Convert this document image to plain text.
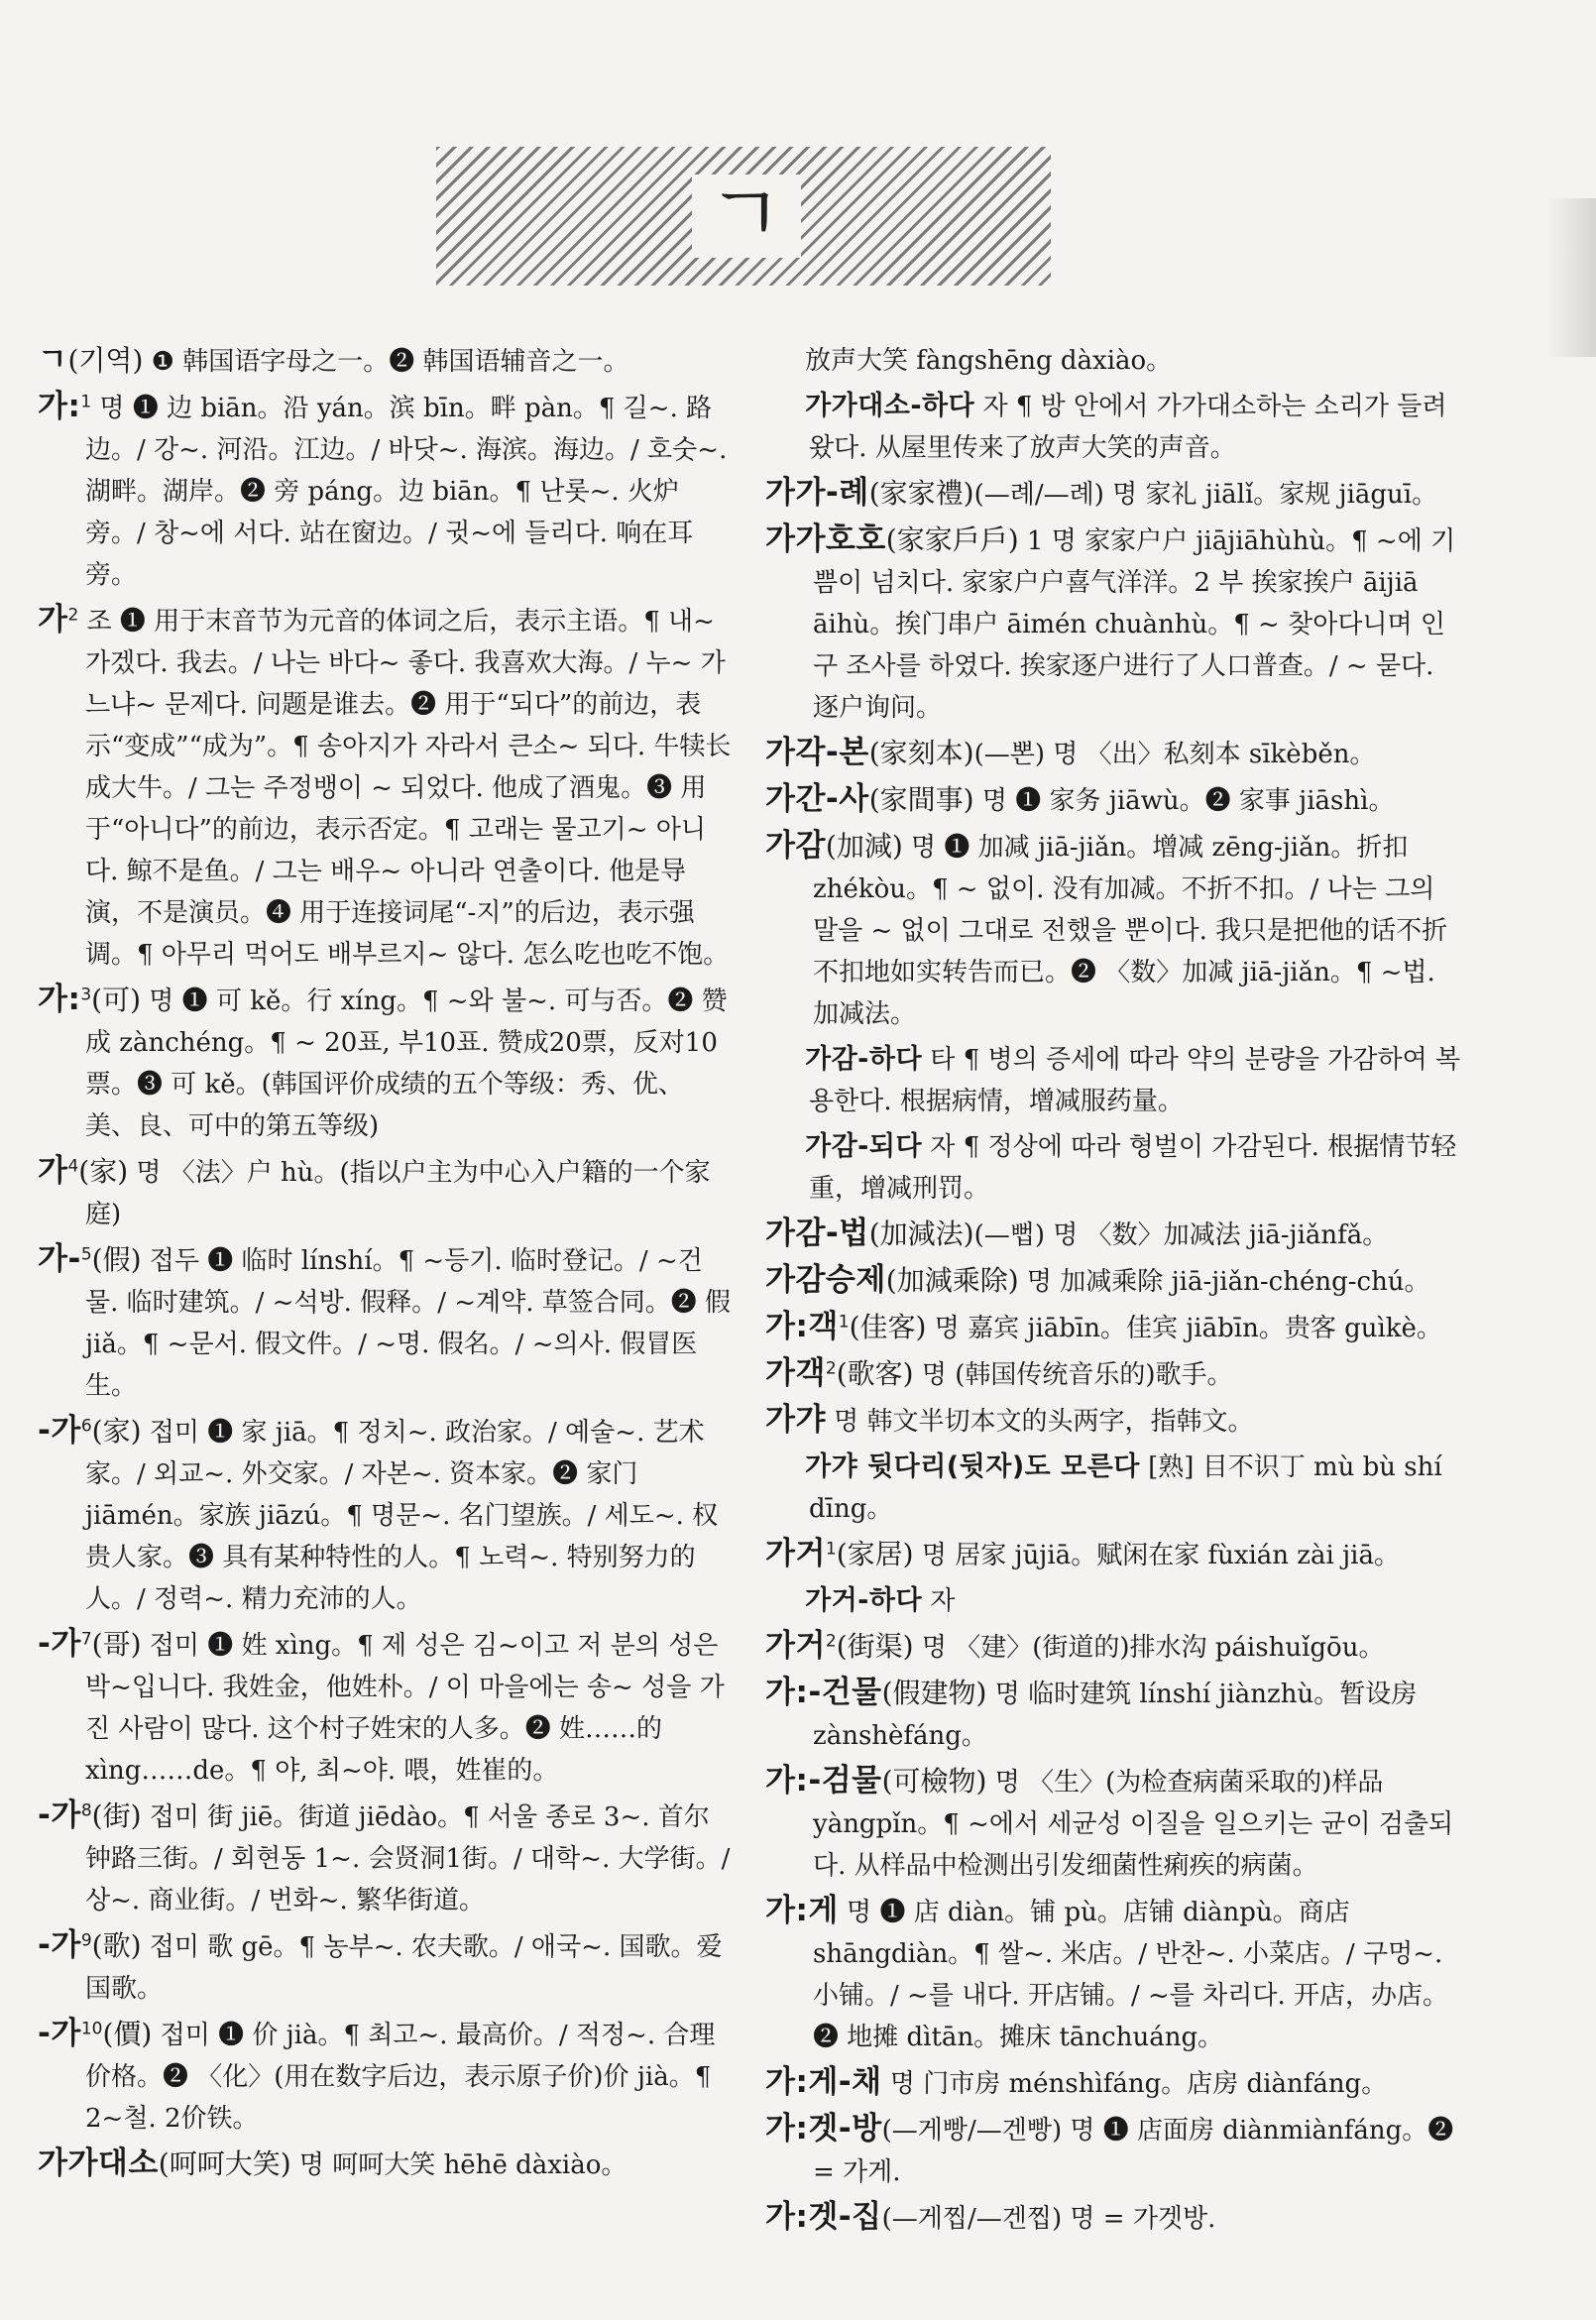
ㄱ
ㄱ(기역) ❶ 韩国语字母之一。❷ 韩国语辅音之一。
가:$^1$ 명 ❶ 边 biān。沿 yán。滨 bīn。畔 pàn。¶ 길~. 路边。/ 강~. 河沿。江边。/ 바닷~. 海滨。海边。/ 호숫~. 湖畔。湖岸。❷ 旁 páng。边 biān。¶ 난롯~. 火炉旁。/ 창~에 서다. 站在窗边。/ 귓~에 들리다. 响在耳旁。
가$^2$ 조 ❶ 用于末音节为元音的体词之后，表示主语。¶ 내~ 가겠다. 我去。/ 나는 바다~ 좋다. 我喜欢大海。/ 누~ 가느냐~ 문제다. 问题是谁去。❷ 用于“되다”的前边，表示“变成”“成为”。¶ 송아지가 자라서 큰소~ 되다. 牛犊长成大牛。/ 그는 주정뱅이 ~ 되었다. 他成了酒鬼。❸ 用于“아니다”的前边，表示否定。¶ 고래는 물고기~ 아니다. 鲸不是鱼。/ 그는 배우~ 아니라 연출이다. 他是导演，不是演员。❹ 用于连接词尾“-지”的后边，表示强调。¶ 아무리 먹어도 배부르지~ 않다. 怎么吃也吃不饱。
가:$^3$(可) 명 ❶ 可 kě。行 xíng。¶ ~와 불~. 可与否。❷ 赞成 zànchéng。¶ ~ 20표, 부10표. 赞成20票，反对10票。❸ 可 kě。(韩国评价成绩的五个等级：秀、优、美、良、可中的第五等级)
가$^4$(家) 명 〈法〉户 hù。(指以户主为中心入户籍的一个家庭)
가-$^5$(假) 접두 ❶ 临时 línshí。¶ ~등기. 临时登记。/ ~건물. 临时建筑。/ ~석방. 假释。/ ~계약. 草签合同。❷ 假 jiǎ。¶ ~문서. 假文件。/ ~명. 假名。/ ~의사. 假冒医生。
-가$^6$(家) 접미 ❶ 家 jiā。¶ 정치~. 政治家。/ 예술~. 艺术家。/ 외교~. 外交家。/ 자본~. 资本家。❷ 家门 jiāmén。家族 jiāzú。¶ 명문~. 名门望族。/ 세도~. 权贵人家。❸ 具有某种特性的人。¶ 노력~. 特别努力的人。/ 정력~. 精力充沛的人。
-가$^7$(哥) 접미 ❶ 姓 xìng。¶ 제 성은 김~이고 저 분의 성은 박~입니다. 我姓金，他姓朴。/ 이 마을에는 송~ 성을 가진 사람이 많다. 这个村子姓宋的人多。❷ 姓……的 xìng……de。¶ 야, 최~야. 喂，姓崔的。
-가$^8$(街) 접미 街 jiē。街道 jiēdào。¶ 서울 종로 3~. 首尔钟路三街。/ 회현동 1~. 会贤洞1街。/ 대학~. 大学街。/ 상~. 商业街。/ 번화~. 繁华街道。
-가$^9$(歌) 접미 歌 gē。¶ 농부~. 农夫歌。/ 애국~. 国歌。爱国歌。
-가$^{10}$(價) 접미 ❶ 价 jià。¶ 최고~. 最高价。/ 적정~. 合理价格。❷ 〈化〉(用在数字后边，表示原子价)价 jià。¶ 2~철. 2价铁。
가가대소(呵呵大笑) 명 呵呵大笑 hēhē dàxiào。
放声大笑 fàngshēng dàxiào。
가가대소-하다 자 ¶ 방 안에서 가가대소하는 소리가 들려왔다. 从屋里传来了放声大笑的声音。
가가-례(家家禮)(—례/—례) 명 家礼 jiālǐ。家规 jiāguī。
가가호호(家家戶戶) 1 명 家家户户 jiājiāhùhù。¶ ~에 기쁨이 넘치다. 家家户户喜气洋洋。2 부 挨家挨户 āijiā āihù。挨门串户 āimén chuànhù。¶ ~ 찾아다니며 인구 조사를 하였다. 挨家逐户进行了人口普查。/ ~ 묻다. 逐户询问。
가각-본(家刻本)(—뽄) 명 〈出〉私刻本 sīkèběn。
가간-사(家間事) 명 ❶ 家务 jiāwù。❷ 家事 jiāshì。
가감(加減) 명 ❶ 加减 jiā-jiǎn。增减 zēng-jiǎn。折扣 zhékòu。¶ ~ 없이. 没有加减。不折不扣。/ 나는 그의 말을 ~ 없이 그대로 전했을 뿐이다. 我只是把他的话不折不扣地如实转告而已。❷ 〈数〉加减 jiā-jiǎn。¶ ~법. 加减法。
가감-하다 타 ¶ 병의 증세에 따라 약의 분량을 가감하여 복용한다. 根据病情，增减服药量。
가감-되다 자 ¶ 정상에 따라 형벌이 가감된다. 根据情节轻重，增减刑罚。
가감-법(加減法)(—뻡) 명 〈数〉加减法 jiā-jiǎnfǎ。
가감승제(加減乘除) 명 加减乘除 jiā-jiǎn-chéng-chú。
가:객$^1$(佳客) 명 嘉宾 jiābīn。佳宾 jiābīn。贵客 guìkè。
가객$^2$(歌客) 명 (韩国传统音乐的)歌手。
가갸 명 韩文半切本文的头两字，指韩文。
가갸 뒷다리(뒷자)도 모른다 [熟] 目不识丁 mù bù shí dīng。
가거$^1$(家居) 명 居家 jūjiā。赋闲在家 fùxián zài jiā。
가거-하다 자
가거$^2$(街渠) 명 〈建〉(街道的)排水沟 páishuǐgōu。
가:-건물(假建物) 명 临时建筑 línshí jiànzhù。暂设房 zànshèfáng。
가:-검물(可檢物) 명 〈生〉(为检查病菌采取的)样品 yàngpǐn。¶ ~에서 세균성 이질을 일으키는 균이 검출되다. 从样品中检测出引发细菌性痢疾的病菌。
가:게 명 ❶ 店 diàn。铺 pù。店铺 diànpù。商店 shāngdiàn。¶ 쌀~. 米店。/ 반찬~. 小菜店。/ 구멍~. 小铺。/ ~를 내다. 开店铺。/ ~를 차리다. 开店，办店。❷ 地摊 dìtān。摊床 tānchuáng。
가:게-채 명 门市房 ménshìfáng。店房 diànfáng。
가:겟-방(—게빵/—겐빵) 명 ❶ 店面房 diànmiànfáng。❷ = 가게.
가:겟-집(—게찝/—겐찝) 명 = 가겟방.
